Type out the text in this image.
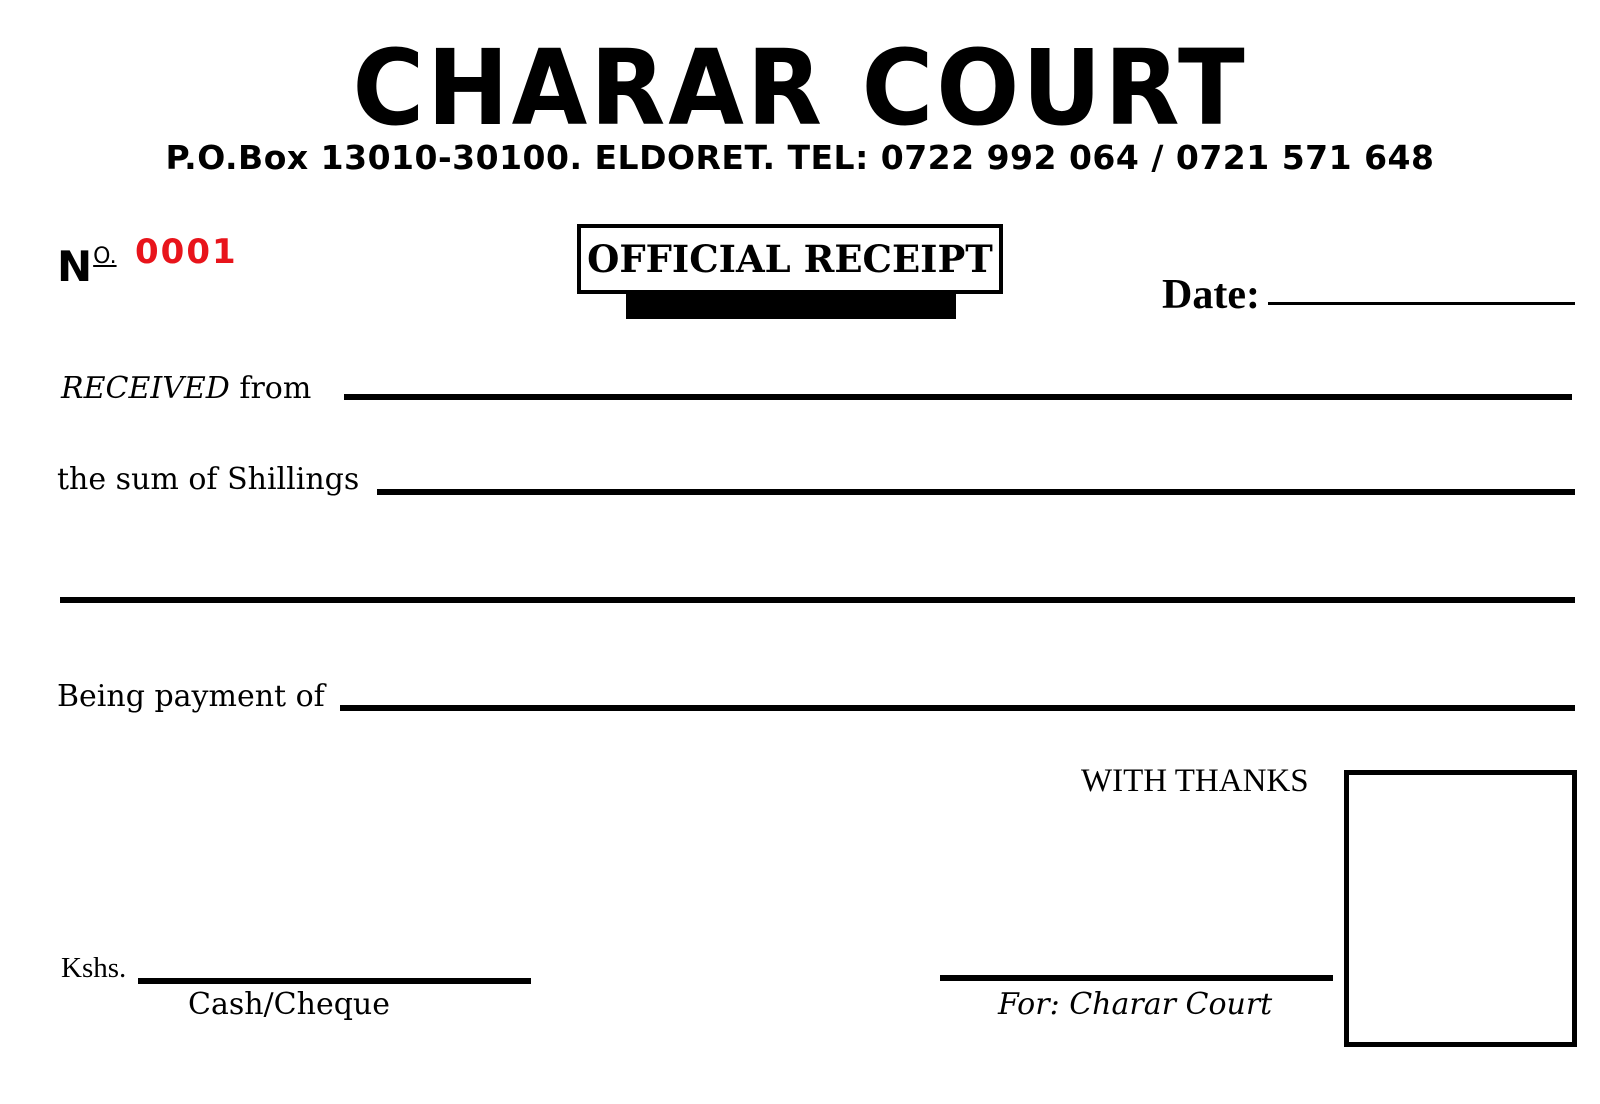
CHARAR COURT
P.O.Box 13010-30100. ELDORET. TEL: 0722 992 064 / 0721 571 648
$N^{O.}$ 0001	OFFICIAL RECEIPT
Date:
RECEIVED from
the sum of Shillings
Being payment of
WITH THANKS
Kshs.
Cash/Cheque	For: Charar Court
